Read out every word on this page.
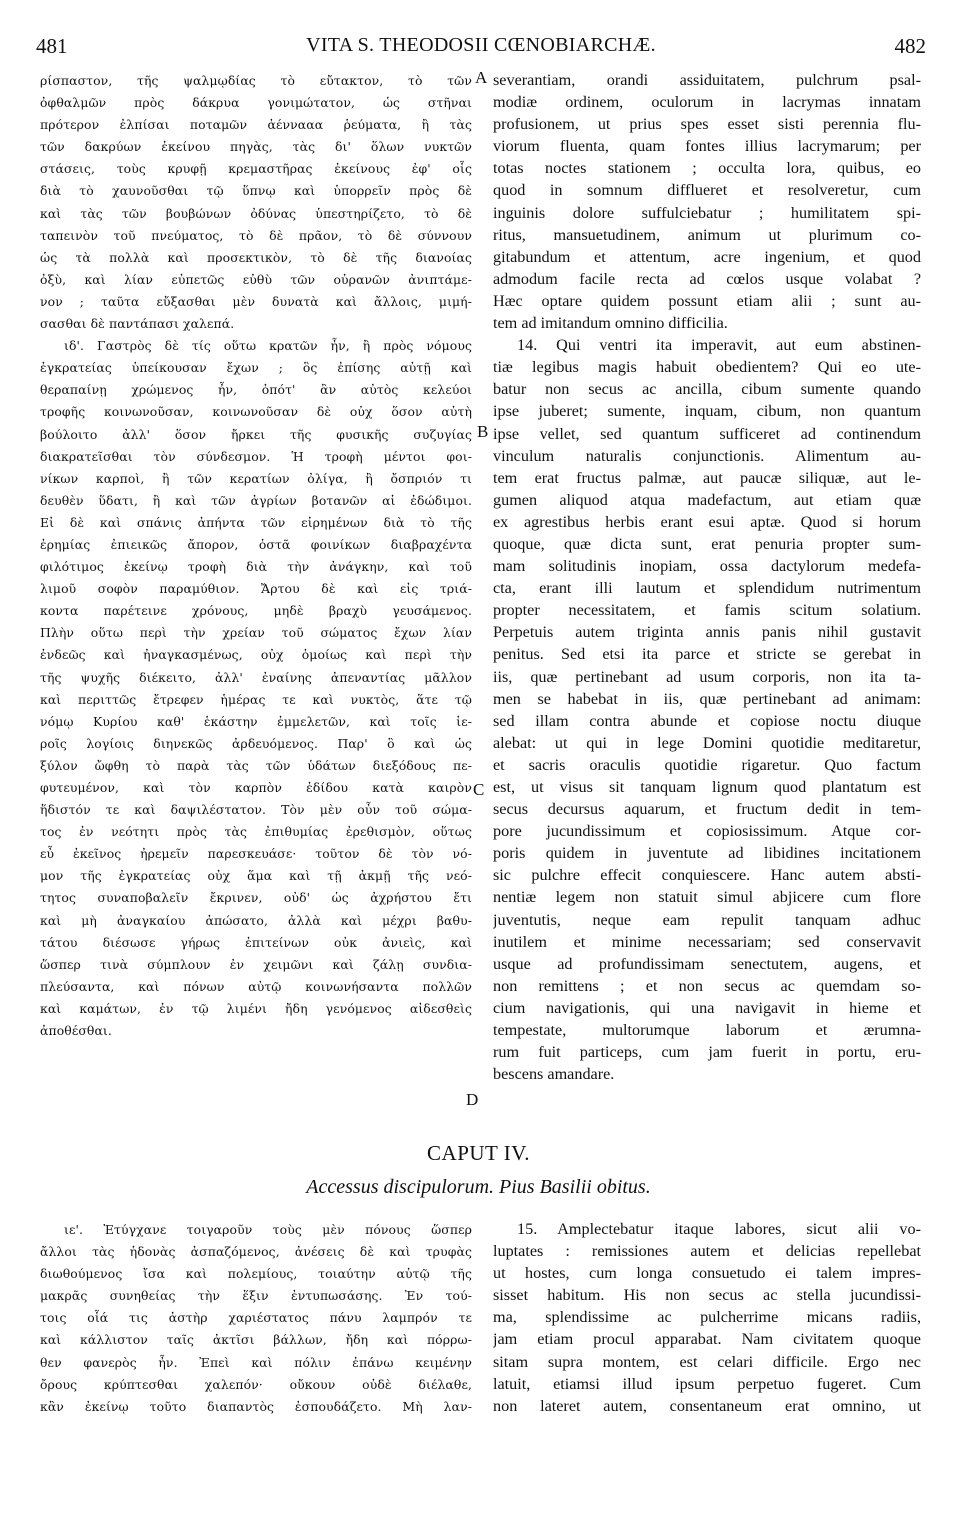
481	VITA S. THEODOSII CŒNOBIARCHÆ.	482
ρίσπαστον, τῆς ψαλμῳδίας τὸ εὔτακτον, τὸ τῶν
ὀφθαλμῶν πρὸς δάκρυα γονιμώτατον, ὡς στῆναι
πρότερον ἐλπίσαι ποταμῶν ἀέννααα ῥεύματα, ἢ τὰς
τῶν δακρύων ἐκείνου πηγὰς, τὰς δι' ὅλων νυκτῶν
στάσεις, τοὺς κρυφῇ κρεμαστῆρας ἐκείνους ἐφ' οἷς
διὰ τὸ χαυνοῦσθαι τῷ ὕπνῳ καὶ ὑπορρεῖν πρὸς δὲ
καὶ τὰς τῶν βουβώνων ὀδύνας ὑπεστηρίζετο, τὸ δὲ
ταπεινὸν τοῦ πνεύματος, τὸ δὲ πρᾶον, τὸ δὲ σύννουν
ὡς τὰ πολλὰ καὶ προσεκτικὸν, τὸ δὲ τῆς διανοίας
ὀξὺ, καὶ λίαν εὐπετῶς εὐθὺ τῶν οὐρανῶν ἀνιπτάμε-
νον ; ταῦτα εὔξασθαι μὲν δυνατὰ καὶ ἄλλοις, μιμή-
σασθαι δὲ παντάπασι χαλεπά.
ιδ'. Γαστρὸς δὲ τίς οὕτω κρατῶν ἦν, ἢ πρὸς νόμους
ἐγκρατείας ὑπείκουσαν ἔχων ; ὃς ἐπίσης αὐτῇ καὶ
θεραπαίνῃ χρώμενος ἦν, ὁπότ' ἂν αὐτὸς κελεύοι
τροφῆς κοινωνοῦσαν, κοινωνοῦσαν δὲ οὐχ ὅσον αὐτὴ
βούλοιτο ἀλλ' ὅσον ἤρκει τῆς φυσικῆς συζυγίας
διακρατεῖσθαι τὸν σύνδεσμον. Ἡ τροφὴ μέντοι φοι-
νίκων καρποὶ, ἢ τῶν κερατίων ὀλίγα, ἢ ὄσπριόν τι
δευθὲν ὕδατι, ἢ καὶ τῶν ἀγρίων βοτανῶν αἱ ἐδώδιμοι.
Εἰ δὲ καὶ σπάνις ἀπήντα τῶν εἰρημένων διὰ τὸ τῆς
ἐρημίας ἐπιεικῶς ἄπορον, ὀστᾶ φοινίκων διαβραχέντα
φιλότιμος ἐκείνῳ τροφὴ διὰ τὴν ἀνάγκην, καὶ τοῦ
λιμοῦ σοφὸν παραμύθιον. Ἄρτου δὲ καὶ εἰς τριά-
κοντα παρέτεινε χρόνους, μηδὲ βραχὺ γευσάμενος.
Πλὴν οὕτω περὶ τὴν χρείαν τοῦ σώματος ἔχων λίαν
ἐνδεῶς καὶ ἠναγκασμένως, οὐχ ὁμοίως καὶ περὶ τὴν
τῆς ψυχῆς διέκειτο, ἀλλ' ἐναίνης ἀπεναντίας μᾶλλον
καὶ περιττῶς ἔτρεφεν ἡμέρας τε καὶ νυκτὸς, ἅτε τῷ
νόμῳ Κυρίου καθ' ἑκάστην ἐμμελετῶν, καὶ τοῖς ἱε-
ροῖς λογίοις διηνεκῶς ἀρδευόμενος. Παρ' ὃ καὶ ὡς
ξύλον ὤφθη τὸ παρὰ τὰς τῶν ὑδάτων διεξόδους πε-
φυτευμένον, καὶ τὸν καρπὸν ἐδίδου κατὰ καιρὸν
ἥδιστόν τε καὶ δαψιλέστατον. Τὸν μὲν οὖν τοῦ σώμα-
τος ἐν νεότητι πρὸς τὰς ἐπιθυμίας ἐρεθισμὸν, οὕτως
εὖ ἐκεῖνος ἠρεμεῖν παρεσκευάσε· τοῦτον δὲ τὸν νό-
μον τῆς ἐγκρατείας οὐχ ἅμα καὶ τῇ ἀκμῇ τῆς νεό-
τητος συναποβαλεῖν ἔκρινεν, οὐδ' ὡς ἀχρήστου ἔτι
καὶ μὴ ἀναγκαίου ἀπώσατο, ἀλλὰ καὶ μέχρι βαθυ-
τάτου διέσωσε γήρως ἐπιτείνων οὐκ ἀνιεὶς, καὶ
ὥσπερ τινὰ σύμπλουν ἐν χειμῶνι καὶ ζάλῃ συνδια-
πλεύσαντα, καὶ πόνων αὐτῷ κοινωνήσαντα πολλῶν
καὶ καμάτων, ἐν τῷ λιμένι ἤδη γενόμενος αἰδεσθεὶς
ἀποθέσθαι.
severantiam, orandi assiduitatem, pulchrum psal-
modiæ ordinem, oculorum in lacrymas innatam
profusionem, ut prius spes esset sisti perennia flu-
viorum fluenta, quam fontes illius lacrymarum; per
totas noctes stationem ; occulta lora, quibus, eo
quod in somnum difflueret et resolveretur, cum
inguinis dolore suffulciebatur ; humilitatem spi-
ritus, mansuetudinem, animum ut plurimum co-
gitabundum et attentum, acre ingenium, et quod
admodum facile recta ad cœlos usque volabat ?
Hæc optare quidem possunt etiam alii ; sunt au-
tem ad imitandum omnino difficilia.
14. Qui ventri ita imperavit, aut eum abstinen-
tiæ legibus magis habuit obedientem? Qui eo ute-
batur non secus ac ancilla, cibum sumente quando
ipse juberet; sumente, inquam, cibum, non quantum
ipse vellet, sed quantum sufficeret ad continendum
vinculum naturalis conjunctionis. Alimentum au-
tem erat fructus palmæ, aut paucæ siliquæ, aut le-
gumen aliquod atqua madefactum, aut etiam quæ
ex agrestibus herbis erant esui aptæ. Quod si horum
quoque, quæ dicta sunt, erat penuria propter sum-
mam solitudinis inopiam, ossa dactylorum medefa-
cta, erant illi lautum et splendidum nutrimentum
propter necessitatem, et famis scitum solatium.
Perpetuis autem triginta annis panis nihil gustavit
penitus. Sed etsi ita parce et stricte se gerebat in
iis, quæ pertinebant ad usum corporis, non ita ta-
men se habebat in iis, quæ pertinebant ad animam:
sed illam contra abunde et copiose noctu diuque
alebat: ut qui in lege Domini quotidie meditaretur,
et sacris oraculis quotidie rigaretur. Quo factum
est, ut visus sit tanquam lignum quod plantatum est
secus decursus aquarum, et fructum dedit in tem-
pore jucundissimum et copiosissimum. Atque cor-
poris quidem in juventute ad libidines incitationem
sic pulchre effecit conquiescere. Hanc autem absti-
nentiæ legem non statuit simul abjicere cum flore
juventutis, neque eam repulit tanquam adhuc
inutilem et minime necessariam; sed conservavit
usque ad profundissimam senectutem, augens, et
non remittens ; et non secus ac quemdam so-
cium navigationis, qui una navigavit in hieme et
tempestate, multorumque laborum et ærumna-
rum fuit particeps, cum jam fuerit in portu, eru-
bescens amandare.
A
B
C
D
CAPUT IV.
Accessus discipulorum. Pius Basilii obitus.
ιε'. Ἐτύγχανε τοιγαροῦν τοὺς μὲν πόνους ὥσπερ
ἄλλοι τὰς ἡδονὰς ἀσπαζόμενος, ἀνέσεις δὲ καὶ τρυφὰς
διωθούμενος ἴσα καὶ πολεμίους, τοιαύτην αὐτῷ τῆς
μακρᾶς συνηθείας τὴν ἕξιν ἐντυπωσάσης. Ἐν τού-
τοις οἷά τις ἀστὴρ χαριέστατος πάνυ λαμπρόν τε
καὶ κάλλιστον ταῖς ἀκτῖσι βάλλων, ἤδη καὶ πόρρω-
θεν φανερὸς ἦν. Ἐπεὶ καὶ πόλιν ἐπάνω κειμένην
ὄρους κρύπτεσθαι χαλεπόν· οὔκουν οὐδὲ διέλαθε,
κἂν ἐκείνῳ τοῦτο διαπαντὸς ἐσπουδάζετο. Μὴ λαν-
15. Amplectebatur itaque labores, sicut alii vo-
luptates : remissiones autem et delicias repellebat
ut hostes, cum longa consuetudo ei talem impres-
sisset habitum. His non secus ac stella jucundissi-
ma, splendissime ac pulcherrime micans radiis,
jam etiam procul apparabat. Nam civitatem quoque
sitam supra montem, est celari difficile. Ergo nec
latuit, etiamsi illud ipsum perpetuo fugeret. Cum
non lateret autem, consentaneum erat omnino, ut
